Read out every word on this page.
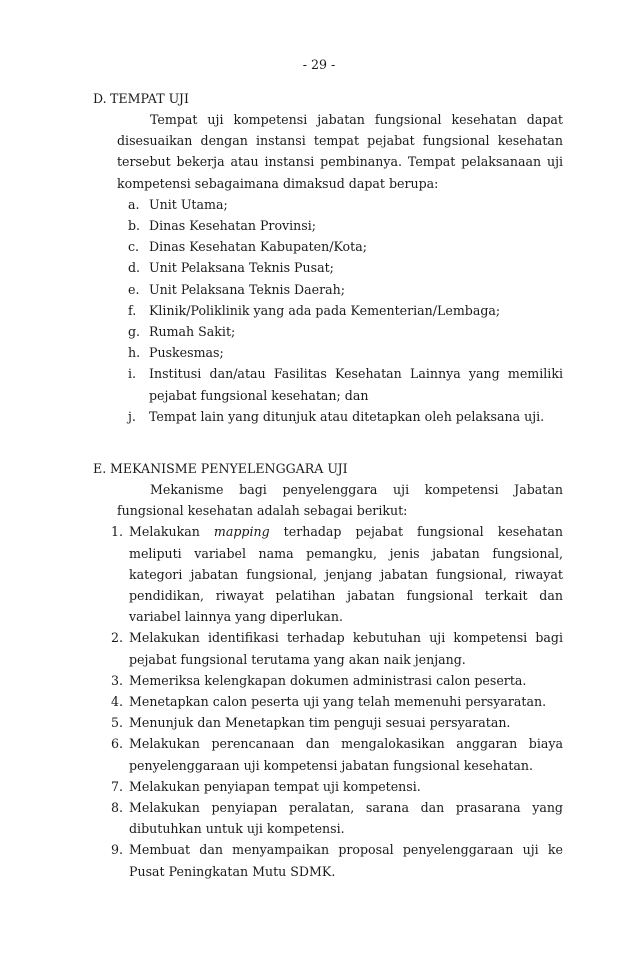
- 29 -
D. TEMPAT UJI
Tempat uji kompetensi jabatan fungsional kesehatan dapat disesuaikan dengan instansi tempat pejabat fungsional kesehatan tersebut bekerja atau instansi pembinanya. Tempat pelaksanaan uji kompetensi sebagaimana dimaksud dapat berupa:
a. Unit Utama;
b. Dinas Kesehatan Provinsi;
c. Dinas Kesehatan Kabupaten/Kota;
d. Unit Pelaksana Teknis Pusat;
e. Unit Pelaksana Teknis Daerah;
f. Klinik/Poliklinik yang ada pada Kementerian/Lembaga;
g. Rumah Sakit;
h. Puskesmas;
i. Institusi dan/atau Fasilitas Kesehatan Lainnya yang memiliki pejabat fungsional kesehatan; dan
j. Tempat lain yang ditunjuk atau ditetapkan oleh pelaksana uji.
E. MEKANISME PENYELENGGARA UJI
Mekanisme bagi penyelenggara uji kompetensi Jabatan fungsional kesehatan adalah sebagai berikut:
1. Melakukan mapping terhadap pejabat fungsional kesehatan meliputi variabel nama pemangku, jenis jabatan fungsional, kategori jabatan fungsional, jenjang jabatan fungsional, riwayat pendidikan, riwayat pelatihan jabatan fungsional terkait dan variabel lainnya yang diperlukan.
2. Melakukan identifikasi terhadap kebutuhan uji kompetensi bagi pejabat fungsional terutama yang akan naik jenjang.
3. Memeriksa kelengkapan dokumen administrasi calon peserta.
4. Menetapkan calon peserta uji yang telah memenuhi persyaratan.
5. Menunjuk dan Menetapkan tim penguji sesuai persyaratan.
6. Melakukan perencanaan dan mengalokasikan anggaran biaya penyelenggaraan uji kompetensi jabatan fungsional kesehatan.
7. Melakukan penyiapan tempat uji kompetensi.
8. Melakukan penyiapan peralatan, sarana dan prasarana yang dibutuhkan untuk uji kompetensi.
9. Membuat dan menyampaikan proposal penyelenggaraan uji ke Pusat Peningkatan Mutu SDMK.
